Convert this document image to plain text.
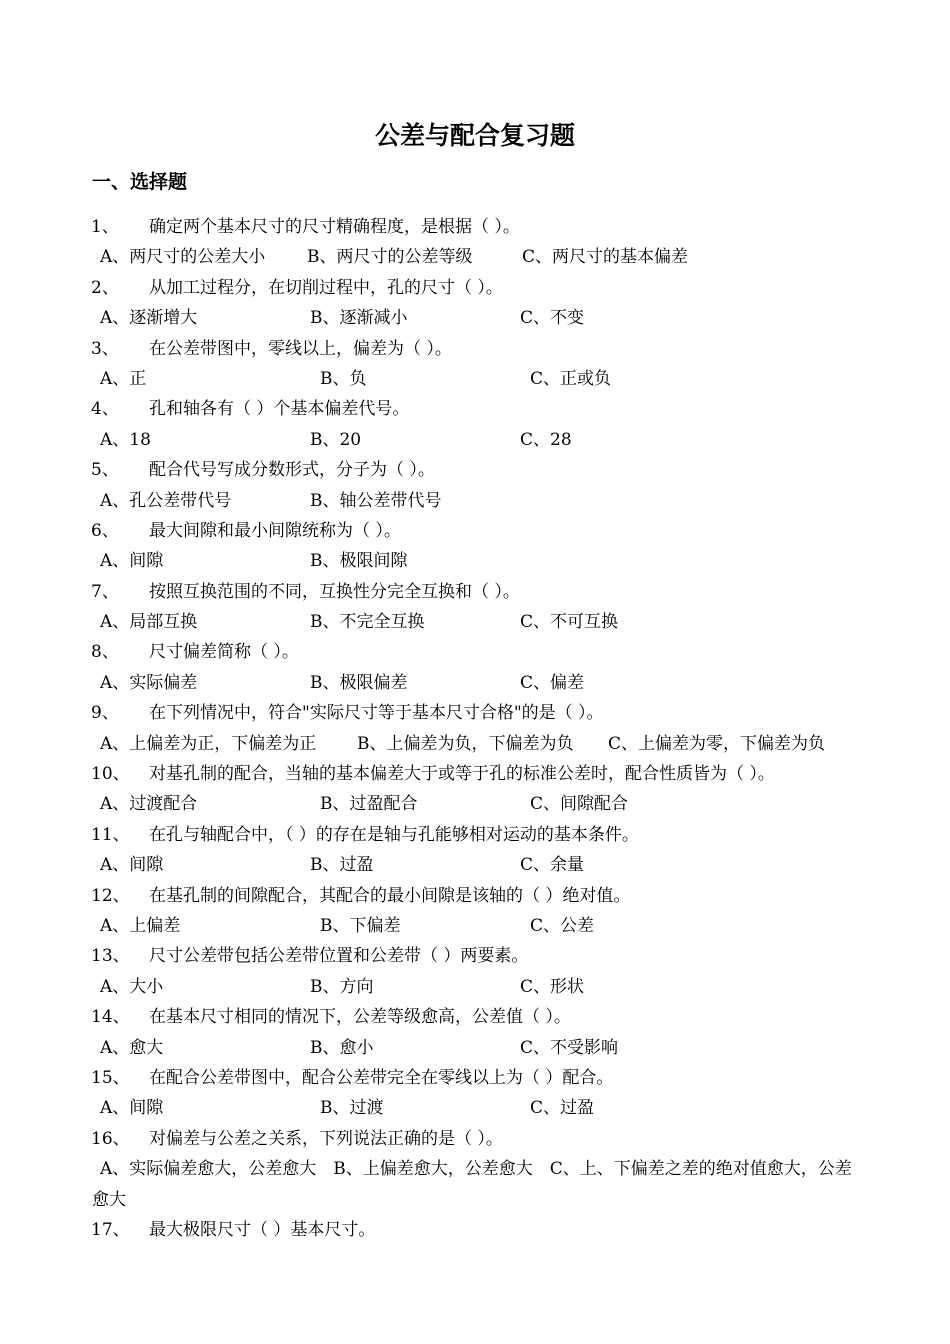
公差与配合复习题
一、选择题
1、 确定两个基本尺寸的尺寸精确程度，是根据（ ）。
A、两尺寸的公差大小 B、两尺寸的公差等级	C、两尺寸的基本偏差
2、 从加工过程分，在切削过程中，孔的尺寸（ ）。
A、逐渐增大	B、逐渐减小	C、不变
3、 在公差带图中，零线以上，偏差为（ ）。
A、正	B、负	C、正或负
4、 孔和轴各有（ ）个基本偏差代号。
A、18	B、20	C、28
5、 配合代号写成分数形式，分子为（ ）。
A、孔公差带代号	B、轴公差带代号
6、 最大间隙和最小间隙统称为（ ）。
A、间隙	B、极限间隙
7、 按照互换范围的不同，互换性分完全互换和（ ）。
A、局部互换	B、不完全互换	C、不可互换
8、 尺寸偏差简称（ ）。
A、实际偏差	B、极限偏差	C、偏差
9、 在下列情况中，符合"实际尺寸等于基本尺寸合格"的是（ ）。
A、上偏差为正，下偏差为正 B、上偏差为负，下偏差为负 C、上偏差为零，下偏差为负
10、 对基孔制的配合，当轴的基本偏差大于或等于孔的标准公差时，配合性质皆为（ ）。
A、过渡配合	B、过盈配合	C、间隙配合
11、 在孔与轴配合中，（ ）的存在是轴与孔能够相对运动的基本条件。
A、间隙	B、过盈	C、余量
12、 在基孔制的间隙配合，其配合的最小间隙是该轴的（ ）绝对值。
A、上偏差	B、下偏差	C、公差
13、 尺寸公差带包括公差带位置和公差带（ ）两要素。
A、大小	B、方向	C、形状
14、 在基本尺寸相同的情况下，公差等级愈高，公差值（ ）。
A、愈大	B、愈小	C、不受影响
15、 在配合公差带图中，配合公差带完全在零线以上为（ ）配合。
A、间隙	B、过渡	C、过盈
16、 对偏差与公差之关系，下列说法正确的是（ ）。
A、实际偏差愈大，公差愈大　B、上偏差愈大，公差愈大　C、上、下偏差之差的绝对值愈大，公差愈大
17、 最大极限尺寸（ ）基本尺寸。
